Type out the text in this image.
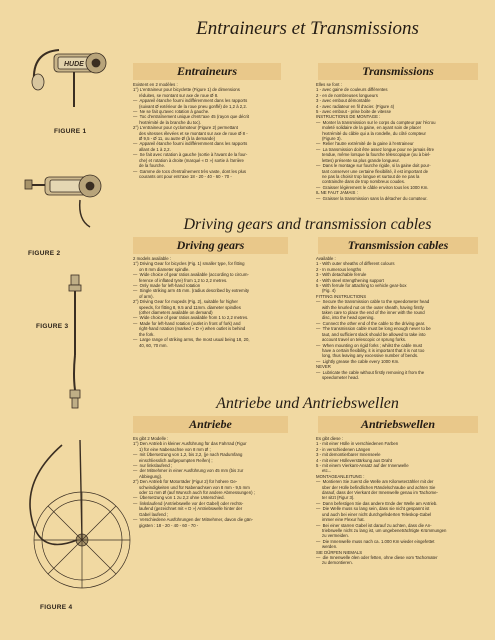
Entraineurs et Transmissions
Driving gears and transmission cables
Antriebe und Antriebswellen
Entraineurs	Transmissions
Existent en 2 modèles :
1°) L'entraineur pour bicyclette (Figure 1) de dimensions
réduites, se montant sur axe de roue Ø 8.
—  Appareil étanche fourni indifféremment dans les rapports
(suivant Ø extérieur de la roue pneu gonflé) de 1,2 à 2,2.
—  Ne se fait qu'avec rotation à gauche.
—  Toc d'entraînement unique d'entr'axe 45 (rayon que décrit
l'extrémité de la branche du toc).
2°) L'entraineur pour cyclomoteur (Figure 2) permettant
des vitesses élevées et se montant sur axe de roue Ø 8 -
Ø 9,5 - Ø 11, ou autre Ø (à la demande)
—  Appareil étanche fourni indifféremment dans les rapports
allant de 1 à 2,2.
—  Se fait avec rotation à gauche (sortie à l'avant de la four-
che) et rotation à droite (marqué « D ») sortie à l'arrière
de la fourche.
—  Gamme de tocs d'entraînement très vaste, dont les plus
courants ont pour entr'axe 18 - 20 - 40 - 60 - 70 -
Elles se font :
1 - avec gaine de couleurs différentes
2 - en de nombreuses longueurs
3 - avec embout démontable
4 - avec radiateur en fil d'acier. (Figure 4)
5 - avec embout - prise boite de vitesse
INSTRUCTIONS DE MONTAGE :
—  Monter la transmission sur le corps du compteur par l'écrou
moleté solidaire de la gaine, en ayant soin de placer
l'extrémité du câble qui a la rondelle, du côté compteur
(Figure 3).
—  Relier l'autre extrémité de la gaine à l'entraineur
—  La transmission doit être assez longue pour ne jamais être
tendue, même lorsque la fourche télescopique (ou à biel-
lettes) présente sa plus grande longueur.
—  Dans le montage sur fourche rigide, si la gaine doit pour-
tant conserver une certaine flexibilité, il est important de
ne pas la choisir trop longue et surtout de ne pas la
contraindre dans de trop nombreux coudes.
—  Graisser légèrement le câble environ tous les 1000 Km.
IL NE FAUT JAMAIS :
—  Graisser la transmission sans la détacher du compteur.
Driving gears	Transmission cables
2 models available :
1°) Driving Gear for bicycles (Fig. 1) smaller type, for fitting
on 8 mm diameter spindle.
—  Wide choice of gear ratios available (according to circum-
ference of inflated tyre) from 1,2 to 2,2 metres.
—  Only made for left-hand rotation
—  Single striking arm 45 mm. (radius described by extremity
of arm).
2°) Driving Gear for mopeds (Fig. 2), suitable for higher
speeds, for fitting 8, 9.5 and 11mm. diameter spindles
(other diameters available on demand)
—  Wide choice of gear ratios available from 1 to 2,2 metres.
—  Made for left-hand rotation (outlet in front of fork) and
right-hand rotation (marked « D ») when outlet is behind
the fork.
—  Large range of striking arms, the most usual being 18, 20,
40, 60, 70 mm.
Available :
1 - With outer sheaths of different colours
2 - In numerous lengths
3 - With detachable ferrule
4 - With steel strengthening support
5 - With ferrule for attaching to vehicle gear-box
(Fig. 4)
FITTING INSTRUCTIONS
—  Secure the transmission cable to the speedometer head
with the knurled nut on the outer sheath, having firstly
taken care to place the end of the inner with the round
disc, into the head opening.
—  Connect the other end of the cable to the driving gear.
—  The transmission cable must be long enough never to be
taut, and sufficient slack should be allowed to take into
account travel on telescopic or sprung forks.
—  When mounting on rigid forks ; whilst the cable must
have a certain flexibility, it is important that it is not too
long, thus leaving any excessive number of bends.
—  Lightly grease the cable every 1000 Km.
NEVER
—  Lubricate the cable without firstly removing it from the
speedometer head.
Antriebe	Antriebswellen
Es gibt 2 Modelle :
1°) Den Antrieb in kleiner Ausführung für das Fahrrad (Figur
1) für eine Nabenachse von 8 mm Ø ;
—  mit Übersetzung von 1,2, bis 2,2, (je nach Radumfang
einschliesslich aufgepumpten Reifen) ;
—  nur linkslaufend ;
—  der Mitnehmer in einer Ausführung von 45 mm (bis zur
Abbiegung).
2°) Den Antrieb für Motorräder (Figur 2) für höhere Ge-
schwindigkeiten und für Nabenachsen von 8 mm - 9,5 mm
oder 11 mm Ø (auf Wunsch auch für andere Abmessungen) ;
—  Übersetzung von 1 zu 2,2 ohne Unterschied.
—  linkslaufend (Antriebswelle vor der Gabel) oder rechts-
laufend (gezeichnet mit « D ») Antriebswelle hinter der
Gabel laufend ;
—  Verschiedene Ausführungen der Mitnehmer, davon die gän-
gigsten : 18 - 20 - 40 - 60 - 70 -
Es gibt diese :
1 - mit einer Hülle in verschiedenen Farben
2 - in verschiedenen Längen
3 - mit demontierbarer Innenseele
4 - mit einer Hülleverstärkung aus Draht
5 - mit einem Vierkant-Ansatz auf der Innenwelle
etc...
MONTAGEANLEITUNG :
—  Montieren Sie zuerst die Welle am Kilometerzähler mit der
über der Hülle befindlichen Rändelschraube und achten Sie
darauf, dass der Vierkant der Innenwelle genau im Tachome-
ter sitzt (Figur 3).
—  Dann befestigen Sie das andere Ende der Welle am Antrieb.
—  Die Welle muss so lang sein, dass sie nicht gespannt ist
und auch bei einer nicht durchgefederten Teleskop-Gabel
immer eine Flexur hat.
—  Bei einer starren Gabel ist darauf zu achten, dass die An-
triebswelle nicht zu lang ist, um ungebeneträchtigte Krümmungen
zu vermeiden.
—  Die Innenwelle muss nach ca. 1.000 Km wieder eingefettet
werden.
SIE DÜRFEN NIEMALS
—  die Innenwelle ölen oder fetten, ohne diese vom Tachomater
zu demontieren.
HUDE
FIGURE 1
FIGURE 2
FIGURE 3
FIGURE 4
